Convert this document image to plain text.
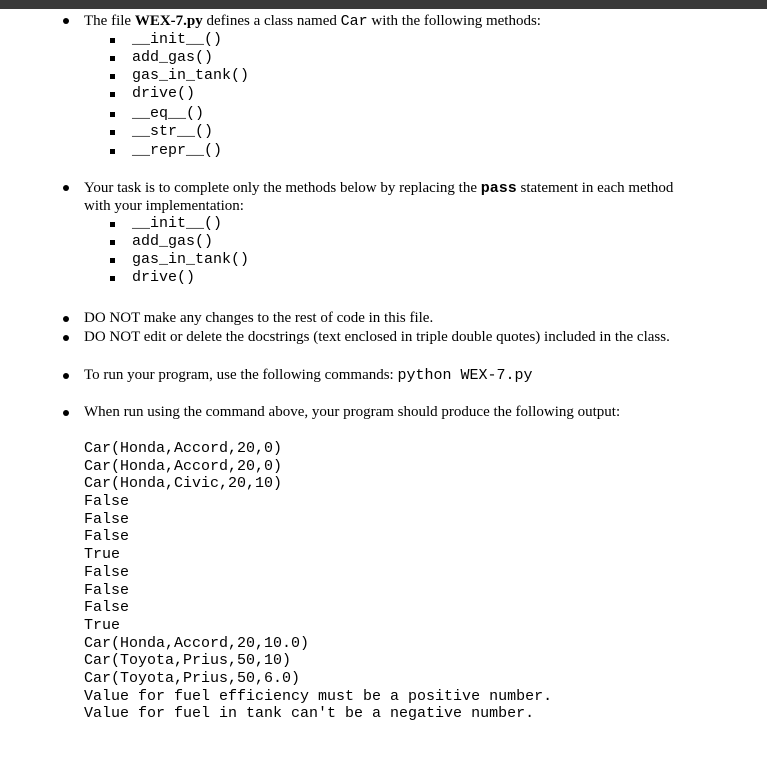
The file WEX-7.py defines a class named Car with the following methods:
__init__()
add_gas()
gas_in_tank()
drive()
__eq__()
__str__()
__repr__()
Your task is to complete only the methods below by replacing the pass statement in each method
with your implementation:
__init__()
add_gas()
gas_in_tank()
drive()
DO NOT make any changes to the rest of code in this file.
DO NOT edit or delete the docstrings (text enclosed in triple double quotes) included in the class.
To run your program, use the following commands: python WEX-7.py
When run using the command above, your program should produce the following output:
Car(Honda,Accord,20,0)
Car(Honda,Accord,20,0)
Car(Honda,Civic,20,10)
False
False
False
True
False
False
False
True
Car(Honda,Accord,20,10.0)
Car(Toyota,Prius,50,10)
Car(Toyota,Prius,50,6.0)
Value for fuel efficiency must be a positive number.
Value for fuel in tank can't be a negative number.
